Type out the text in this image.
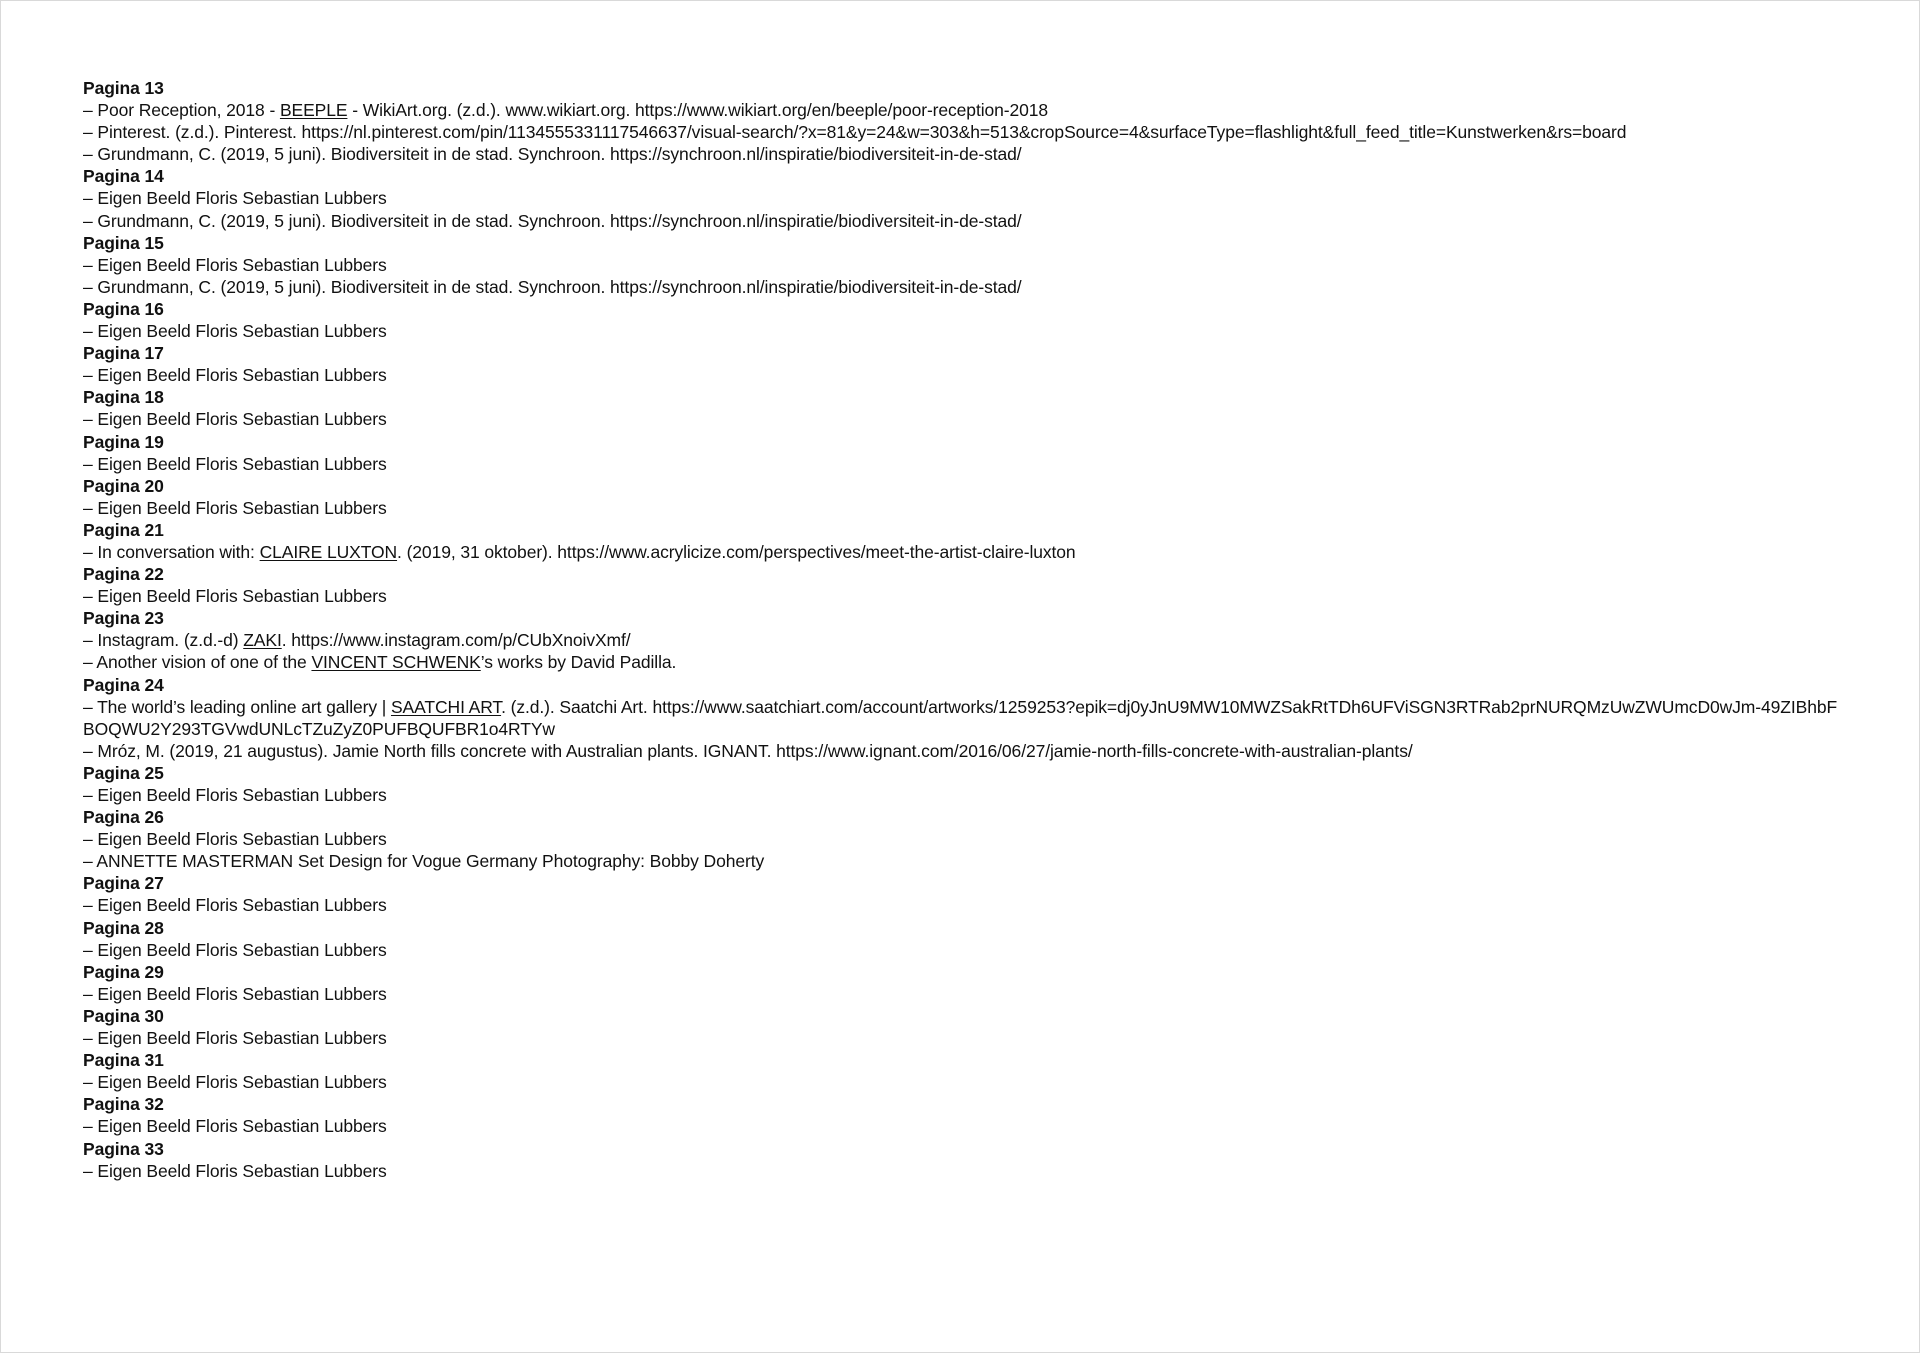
Pagina 13
– Poor Reception, 2018 - BEEPLE - WikiArt.org. (z.d.). www.wikiart.org. https://www.wikiart.org/en/beeple/poor-reception-2018
– Pinterest. (z.d.). Pinterest. https://nl.pinterest.com/pin/1134555331117546637/visual-search/?x=81&y=24&w=303&h=513&cropSource=4&surfaceType=flashlight&full_feed_title=Kunstwerken&rs=board
– Grundmann, C. (2019, 5 juni). Biodiversiteit in de stad. Synchroon. https://synchroon.nl/inspiratie/biodiversiteit-in-de-stad/
Pagina 14
– Eigen Beeld Floris Sebastian Lubbers
– Grundmann, C. (2019, 5 juni). Biodiversiteit in de stad. Synchroon. https://synchroon.nl/inspiratie/biodiversiteit-in-de-stad/
Pagina 15
– Eigen Beeld Floris Sebastian Lubbers
– Grundmann, C. (2019, 5 juni). Biodiversiteit in de stad. Synchroon. https://synchroon.nl/inspiratie/biodiversiteit-in-de-stad/
Pagina 16
– Eigen Beeld Floris Sebastian Lubbers
Pagina 17
– Eigen Beeld Floris Sebastian Lubbers
Pagina 18
– Eigen Beeld Floris Sebastian Lubbers
Pagina 19
– Eigen Beeld Floris Sebastian Lubbers
Pagina 20
– Eigen Beeld Floris Sebastian Lubbers
Pagina 21
– In conversation with: CLAIRE LUXTON. (2019, 31 oktober). https://www.acrylicize.com/perspectives/meet-the-artist-claire-luxton
Pagina 22
– Eigen Beeld Floris Sebastian Lubbers
Pagina 23
– Instagram. (z.d.-d) ZAKI. https://www.instagram.com/p/CUbXnoivXmf/
– Another vision of one of the VINCENT SCHWENK’s works by David Padilla.
Pagina 24
– The world’s leading online art gallery | SAATCHI ART. (z.d.). Saatchi Art. https://www.saatchiart.com/account/artworks/1259253?epik=dj0yJnU9MW10MWZSakRtTDh6UFViSGN3RTRab2prNURQMzUwZWUmcD0wJm-49ZIBhbFBOQWU2Y293TGVwdUNLcTZuZyZ0PUFBQUFBR1o4RTYw
– Mróz, M. (2019, 21 augustus). Jamie North fills concrete with Australian plants. IGNANT. https://www.ignant.com/2016/06/27/jamie-north-fills-concrete-with-australian-plants/
Pagina 25
– Eigen Beeld Floris Sebastian Lubbers
Pagina 26
– Eigen Beeld Floris Sebastian Lubbers
– ANNETTE MASTERMAN Set Design for Vogue Germany Photography: Bobby Doherty
Pagina 27
– Eigen Beeld Floris Sebastian Lubbers
Pagina 28
– Eigen Beeld Floris Sebastian Lubbers
Pagina 29
– Eigen Beeld Floris Sebastian Lubbers
Pagina 30
– Eigen Beeld Floris Sebastian Lubbers
Pagina 31
– Eigen Beeld Floris Sebastian Lubbers
Pagina 32
– Eigen Beeld Floris Sebastian Lubbers
Pagina 33
– Eigen Beeld Floris Sebastian Lubbers
